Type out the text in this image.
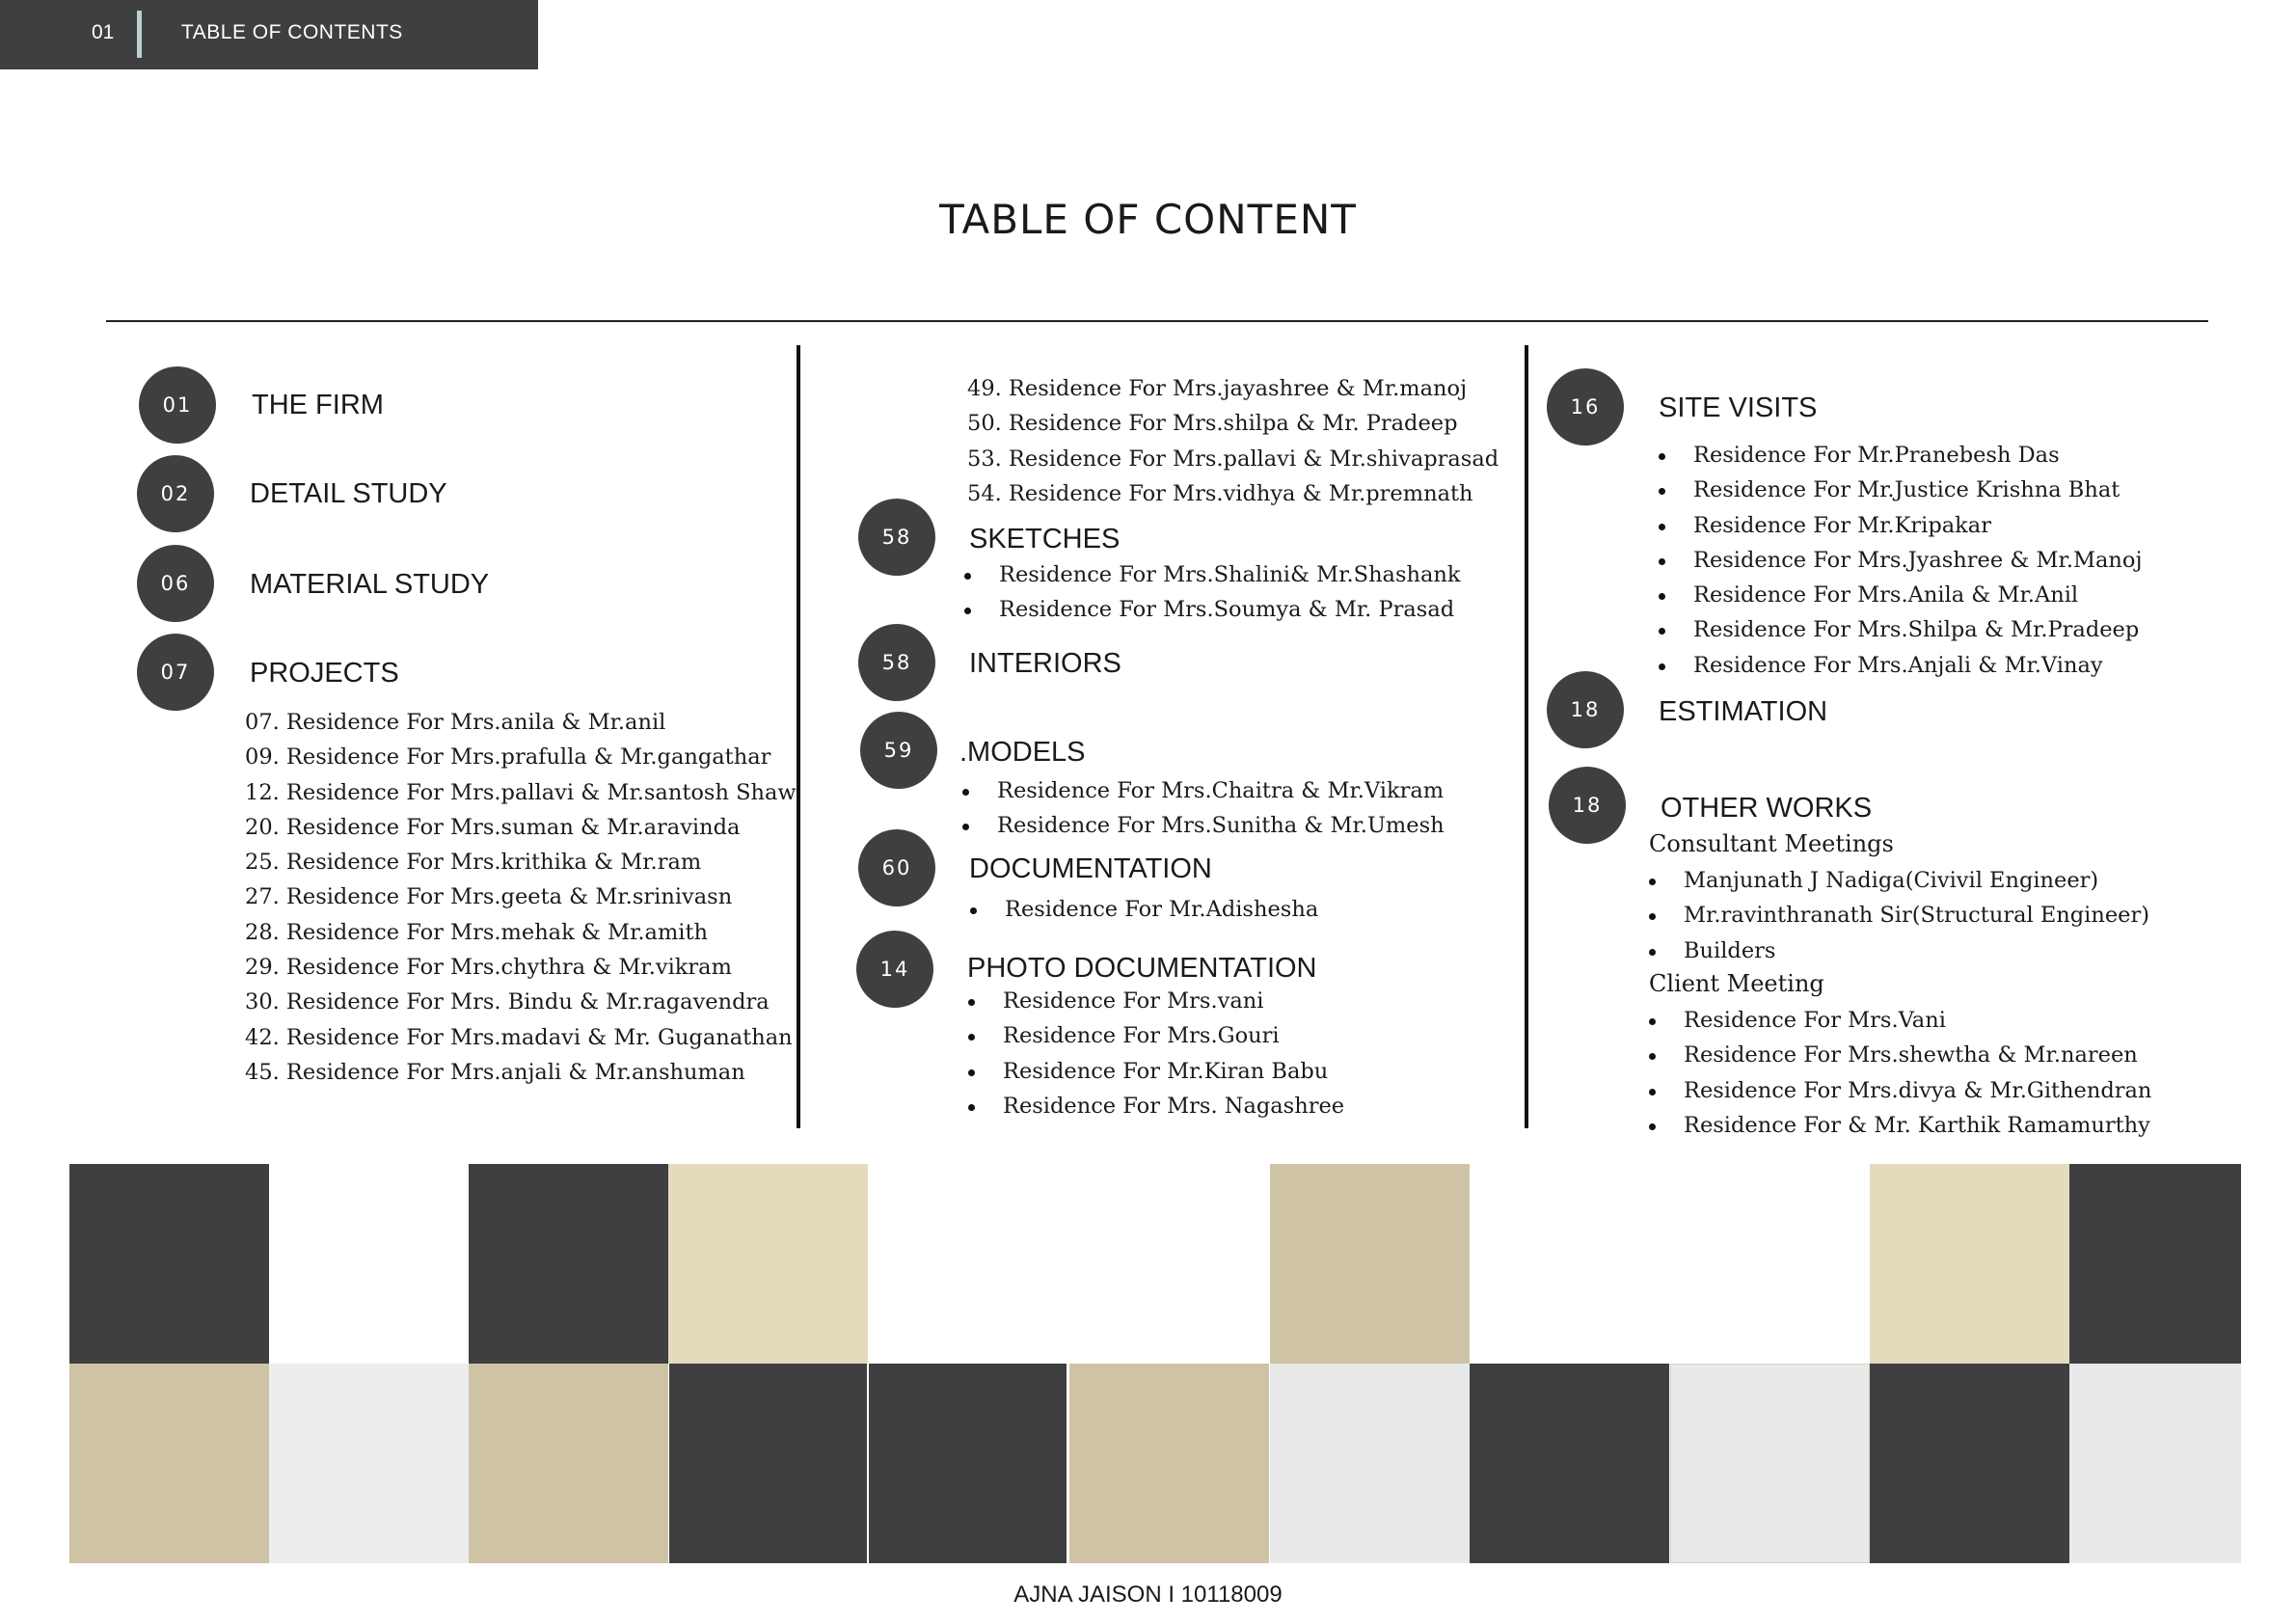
01	TABLE OF CONTENTS
TABLE OF CONTENT
01	THE FIRM
02	DETAIL STUDY
06	MATERIAL STUDY
07	PROJECTS
07. Residence For Mrs.anila & Mr.anil
09. Residence For Mrs.prafulla & Mr.gangathar
12. Residence For Mrs.pallavi & Mr.santosh Shaw
20. Residence For Mrs.suman & Mr.aravinda
25. Residence For Mrs.krithika & Mr.ram
27. Residence For Mrs.geeta & Mr.srinivasn
28. Residence For Mrs.mehak & Mr.amith
29. Residence For Mrs.chythra & Mr.vikram
30. Residence For Mrs. Bindu & Mr.ragavendra
42. Residence For Mrs.madavi & Mr. Guganathan
45. Residence For Mrs.anjali & Mr.anshuman
49. Residence For Mrs.jayashree & Mr.manoj
50. Residence For Mrs.shilpa & Mr. Pradeep
53. Residence For Mrs.pallavi & Mr.shivaprasad
54. Residence For Mrs.vidhya & Mr.premnath
58	SKETCHES
Residence For Mrs.Shalini& Mr.Shashank
Residence For Mrs.Soumya & Mr. Prasad
58	INTERIORS
59	.MODELS
Residence For Mrs.Chaitra & Mr.Vikram
Residence For Mrs.Sunitha & Mr.Umesh
60	DOCUMENTATION
Residence For Mr.Adishesha
14	PHOTO DOCUMENTATION
Residence For Mrs.vani
Residence For Mrs.Gouri
Residence For Mr.Kiran Babu
Residence For Mrs. Nagashree
16	SITE VISITS
Residence For Mr.Pranebesh Das
Residence For Mr.Justice Krishna Bhat
Residence For Mr.Kripakar
Residence For Mrs.Jyashree & Mr.Manoj
Residence For Mrs.Anila & Mr.Anil
Residence For Mrs.Shilpa & Mr.Pradeep
Residence For Mrs.Anjali & Mr.Vinay
18	ESTIMATION
18	OTHER WORKS
Consultant Meetings
Manjunath J Nadiga(Civivil Engineer)
Mr.ravinthranath Sir(Structural Engineer)
Builders
Client Meeting
Residence For Mrs.Vani
Residence For Mrs.shewtha & Mr.nareen
Residence For Mrs.divya & Mr.Githendran
Residence For & Mr. Karthik Ramamurthy
AJNA JAISON I 10118009
